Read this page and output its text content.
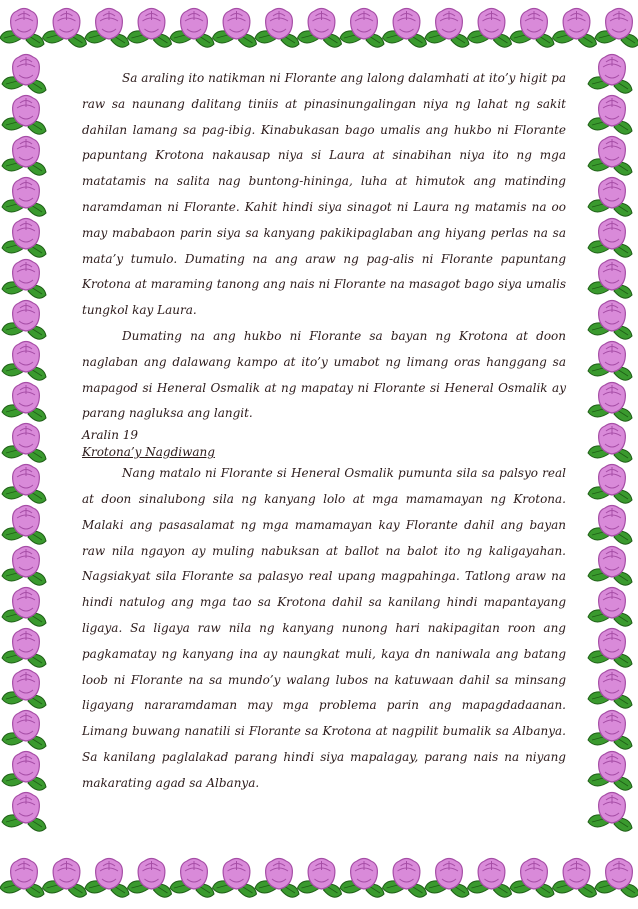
Sa araling ito natikman ni Florante ang lalong dalamhati at ito’y higit pa raw sa naunang dalitang tiniis at pinasinungalingan niya ng lahat ng sakit dahilan lamang sa pag-ibig. Kinabukasan bago umalis ang hukbo ni Florante papuntang Krotona nakausap niya si Laura at sinabihan niya ito ng mga matatamis na salita nag buntong-hininga, luha at himutok ang matinding naramdaman ni Florante. Kahit hindi siya sinagot ni Laura ng matamis na oo may mababaon parin siya sa kanyang pakikipaglaban ang hiyang perlas na sa mata’y tumulo. Dumating na ang araw ng pag-alis ni Florante papuntang Krotona at maraming tanong ang nais ni Florante na masagot bago siya umalis tungkol kay Laura.

Dumating na ang hukbo ni Florante sa bayan ng Krotona at doon naglaban ang dalawang kampo at ito’y umabot ng limang oras hanggang sa mapagod si Heneral Osmalik at ng mapatay ni Florante si Heneral Osmalik ay parang nagluksa ang langit.

Aralin 19
Krotona’y Nagdiwang

Nang matalo ni Florante si Heneral Osmalik pumunta sila sa palsyo real at doon sinalubong sila ng kanyang lolo at mga mamamayan ng Krotona. Malaki ang pasasalamat ng mga mamamayan kay Florante dahil ang bayan raw nila ngayon ay muling nabuksan at ballot na balot ito ng kaligayahan. Nagsiakyat sila Florante sa palasyo real upang magpahinga. Tatlong araw na hindi natulog ang mga tao sa Krotona dahil sa kanilang hindi mapantayang ligaya. Sa ligaya raw nila ng kanyang nunong hari nakipagitan roon ang pagkamatay ng kanyang ina ay naungkat muli, kaya dn naniwala ang batang loob ni Florante na sa mundo’y walang lubos na katuwaan dahil sa minsang ligayang nararamdaman may mga problema parin ang mapagdadaanan. Limang buwang nanatili si Florante sa Krotona at nagpilit bumalik sa Albanya. Sa kanilang paglalakad parang hindi siya mapalagay, parang nais na niyang makarating agad sa Albanya.
